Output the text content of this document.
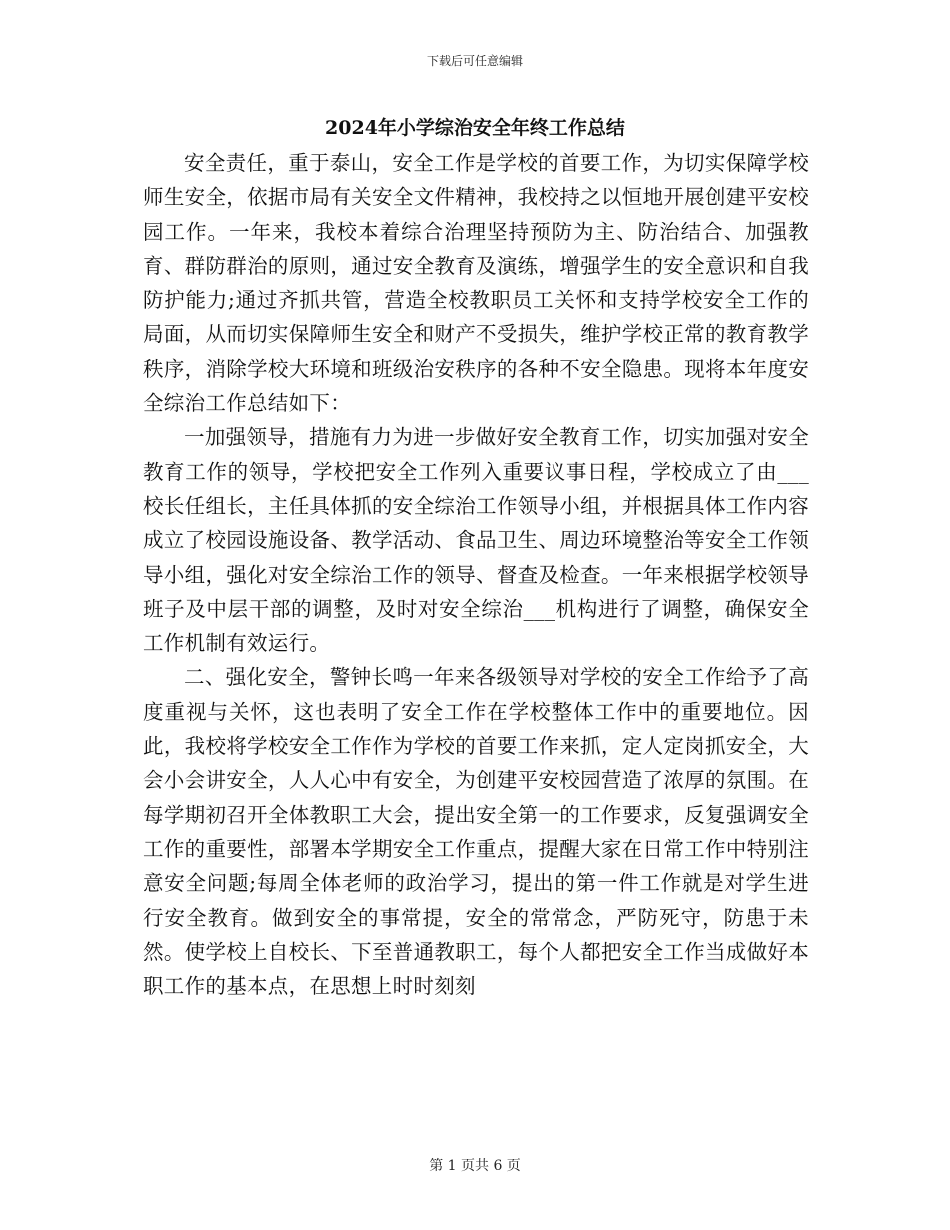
下载后可任意编辑
2024年小学综治安全年终工作总结

安全责任，重于泰山，安全工作是学校的首要工作，为切实保障学校师生安全，依据市局有关安全文件精神，我校持之以恒地开展创建平安校园工作。一年来，我校本着综合治理坚持预防为主、防治结合、加强教育、群防群治的原则，通过安全教育及演练，增强学生的安全意识和自我防护能力;通过齐抓共管，营造全校教职员工关怀和支持学校安全工作的局面，从而切实保障师生安全和财产不受损失，维护学校正常的教育教学秩序，消除学校大环境和班级治安秩序的各种不安全隐患。现将本年度安全综治工作总结如下：

一加强领导，措施有力为进一步做好安全教育工作，切实加强对安全教育工作的领导，学校把安全工作列入重要议事日程，学校成立了由___校长任组长，主任具体抓的安全综治工作领导小组，并根据具体工作内容成立了校园设施设备、教学活动、食品卫生、周边环境整治等安全工作领导小组，强化对安全综治工作的领导、督查及检查。一年来根据学校领导班子及中层干部的调整，及时对安全综治___机构进行了调整，确保安全工作机制有效运行。

二、强化安全，警钟长鸣一年来各级领导对学校的安全工作给予了高度重视与关怀，这也表明了安全工作在学校整体工作中的重要地位。因此，我校将学校安全工作作为学校的首要工作来抓，定人定岗抓安全，大会小会讲安全，人人心中有安全，为创建平安校园营造了浓厚的氛围。在每学期初召开全体教职工大会，提出安全第一的工作要求，反复强调安全工作的重要性，部署本学期安全工作重点，提醒大家在日常工作中特别注意安全问题;每周全体老师的政治学习，提出的第一件工作就是对学生进行安全教育。做到安全的事常提，安全的常常念，严防死守，防患于未然。使学校上自校长、下至普通教职工，每个人都把安全工作当成做好本职工作的基本点，在思想上时时刻刻

第 1 页共 6 页
